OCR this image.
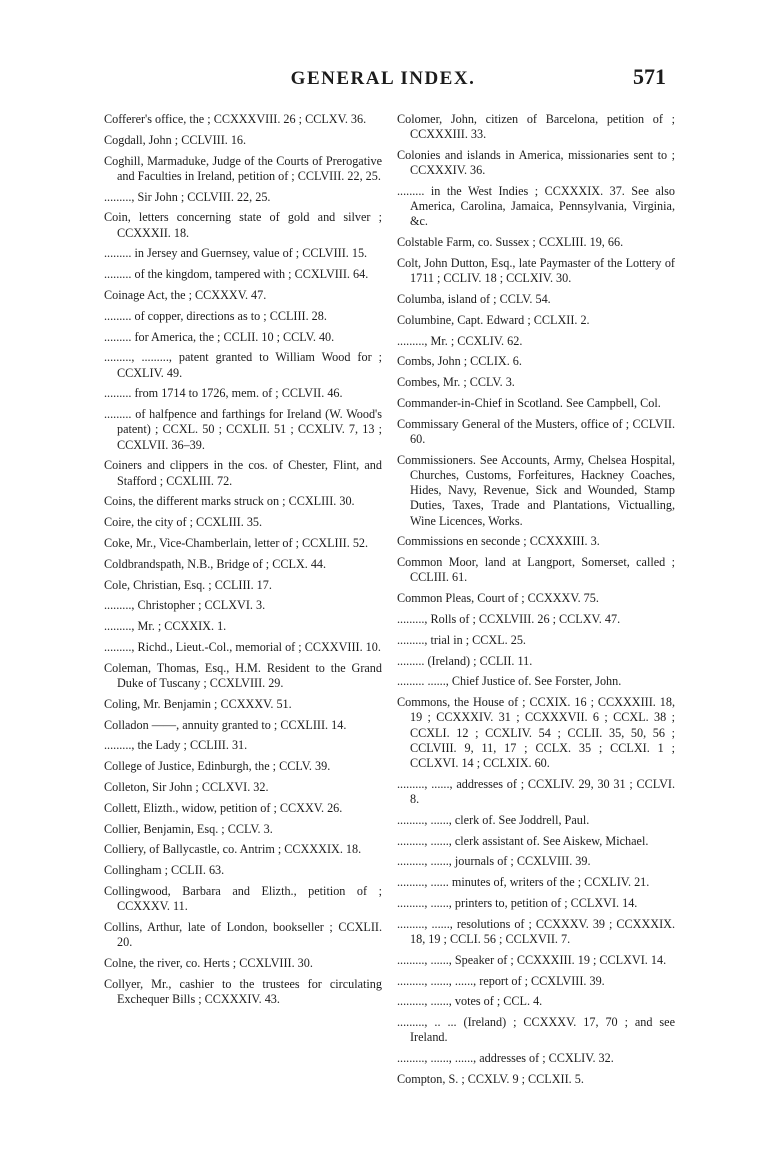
GENERAL INDEX.	571

Cofferer's office, the ; CCXXXVIII. 26 ; CCLXV. 36.

Cogdall, John ; CCLVIII. 16.

Coghill, Marmaduke, Judge of the Courts of Prerogative and Faculties in Ireland, petition of ; CCLVIII. 22, 25.

........., Sir John ; CCLVIII. 22, 25.

Coin, letters concerning state of gold and silver ; CCXXXII. 18.

......... in Jersey and Guernsey, value of ; CCLVIII. 15.

......... of the kingdom, tampered with ; CCXLVIII. 64.

Coinage Act, the ; CCXXXV. 47.

......... of copper, directions as to ; CCLIII. 28.

......... for America, the ; CCLII. 10 ; CCLV. 40.

........., ........., patent granted to William Wood for ; CCXLIV. 49.

......... from 1714 to 1726, mem. of ; CCLVII. 46.

......... of halfpence and farthings for Ireland (W. Wood's patent) ; CCXL. 50 ; CCXLII. 51 ; CCXLIV. 7, 13 ; CCXLVII. 36–39.

Coiners and clippers in the cos. of Chester, Flint, and Stafford ; CCXLIII. 72.

Coins, the different marks struck on ; CCXLIII. 30.

Coire, the city of ; CCXLIII. 35.

Coke, Mr., Vice-Chamberlain, letter of ; CCXLIII. 52.

Coldbrandspath, N.B., Bridge of ; CCLX. 44.

Cole, Christian, Esq. ; CCLIII. 17.

........., Christopher ; CCLXVI. 3.

........., Mr. ; CCXXIX. 1.

........., Richd., Lieut.-Col., memorial of ; CCXXVIII. 10.

Coleman, Thomas, Esq., H.M. Resident to the Grand Duke of Tuscany ; CCXLVIII. 29.

Coling, Mr. Benjamin ; CCXXXV. 51.

Colladon ——, annuity granted to ; CCXLIII. 14.

........., the Lady ; CCLIII. 31.

College of Justice, Edinburgh, the ; CCLV. 39.

Colleton, Sir John ; CCLXVI. 32.

Collett, Elizth., widow, petition of ; CCXXV. 26.

Collier, Benjamin, Esq. ; CCLV. 3.

Colliery, of Ballycastle, co. Antrim ; CCXXXIX. 18.

Collingham ; CCLII. 63.

Collingwood, Barbara and Elizth., petition of ; CCXXXV. 11.

Collins, Arthur, late of London, bookseller ; CCXLII. 20.

Colne, the river, co. Herts ; CCXLVIII. 30.

Collyer, Mr., cashier to the trustees for circulating Exchequer Bills ; CCXXXIV. 43.

Colomer, John, citizen of Barcelona, petition of ; CCXXXIII. 33.

Colonies and islands in America, missionaries sent to ; CCXXXIV. 36.

......... in the West Indies ; CCXXXIX. 37. See also America, Carolina, Jamaica, Pennsylvania, Virginia, &c.

Colstable Farm, co. Sussex ; CCXLIII. 19, 66.

Colt, John Dutton, Esq., late Paymaster of the Lottery of 1711 ; CCLIV. 18 ; CCLXIV. 30.

Columba, island of ; CCLV. 54.

Columbine, Capt. Edward ; CCLXII. 2.

........., Mr. ; CCXLIV. 62.

Combs, John ; CCLIX. 6.

Combes, Mr. ; CCLV. 3.

Commander-in-Chief in Scotland. See Campbell, Col.

Commissary General of the Musters, office of ; CCLVII. 60.

Commissioners. See Accounts, Army, Chelsea Hospital, Churches, Customs, Forfeitures, Hackney Coaches, Hides, Navy, Revenue, Sick and Wounded, Stamp Duties, Taxes, Trade and Plantations, Victualling, Wine Licences, Works.

Commissions en seconde ; CCXXXIII. 3.

Common Moor, land at Langport, Somerset, called ; CCLIII. 61.

Common Pleas, Court of ; CCXXXV. 75.

........., Rolls of ; CCXLVIII. 26 ; CCLXV. 47.

........., trial in ; CCXL. 25.

......... (Ireland) ; CCLII. 11.

......... ......, Chief Justice of. See Forster, John.

Commons, the House of ; CCXIX. 16 ; CCXXXIII. 18, 19 ; CCXXXIV. 31 ; CCXXXVII. 6 ; CCXL. 38 ; CCXLI. 12 ; CCXLIV. 54 ; CCLII. 35, 50, 56 ; CCLVIII. 9, 11, 17 ; CCLX. 35 ; CCLXI. 1 ; CCLXVI. 14 ; CCLXIX. 60.

........., ......, addresses of ; CCXLIV. 29, 30 31 ; CCLVI. 8.

........., ......, clerk of. See Joddrell, Paul.

........., ......, clerk assistant of. See Aiskew, Michael.

........., ......, journals of ; CCXLVIII. 39.

........., ...... minutes of, writers of the ; CCXLIV. 21.

........., ......, printers to, petition of ; CCLXVI. 14.

........., ......, resolutions of ; CCXXXV. 39 ; CCXXXIX. 18, 19 ; CCLI. 56 ; CCLXVII. 7.

........., ......, Speaker of ; CCXXXIII. 19 ; CCLXVI. 14.

........., ......, ......, report of ; CCXLVIII. 39.

........., ......, votes of ; CCL. 4.

........., .. ... (Ireland) ; CCXXXV. 17, 70 ; and see Ireland.

........., ......, ......, addresses of ; CCXLIV. 32.

Compton, S. ; CCXLV. 9 ; CCLXII. 5.
